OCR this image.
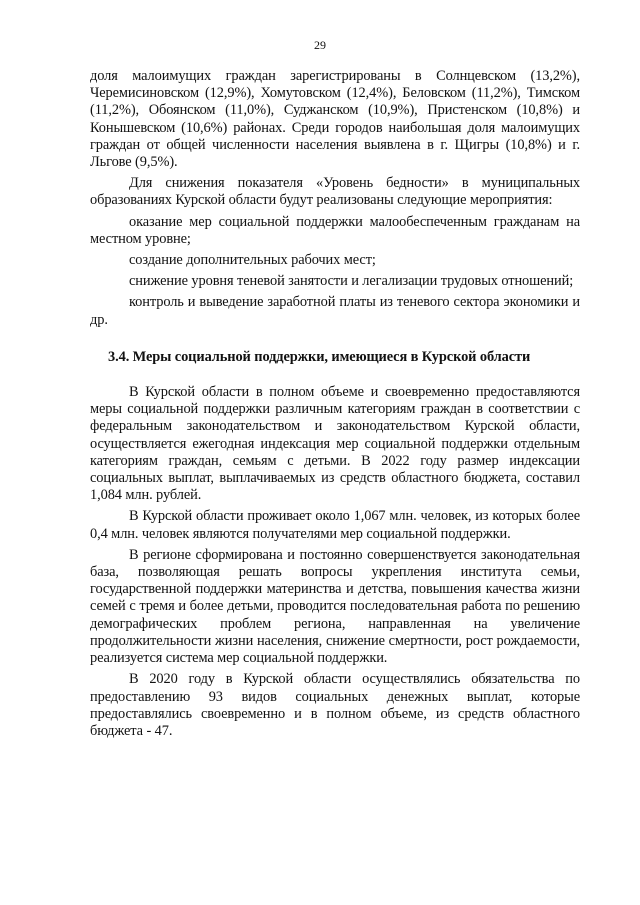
29

доля малоимущих граждан зарегистрированы в Солнцевском (13,2%), Черемисиновском (12,9%), Хомутовском (12,4%), Беловском (11,2%), Тимском (11,2%), Обоянском (11,0%), Суджанском (10,9%), Пристенском (10,8%) и Конышевском (10,6%) районах. Среди городов наибольшая доля малоимущих граждан от общей численности населения выявлена в г. Щигры (10,8%) и г. Льгове (9,5%).

Для снижения показателя «Уровень бедности» в муниципальных образованиях Курской области будут реализованы следующие мероприятия:

оказание мер социальной поддержки малообеспеченным гражданам на местном уровне;

создание дополнительных рабочих мест;

снижение уровня теневой занятости и легализации трудовых отношений;

контроль и выведение заработной платы из теневого сектора экономики и др.

3.4. Меры социальной поддержки, имеющиеся в Курской области

В Курской области в полном объеме и своевременно предоставляются меры социальной поддержки различным категориям граждан в соответствии с федеральным законодательством и законодательством Курской области, осуществляется ежегодная индексация мер социальной поддержки отдельным категориям граждан, семьям с детьми. В 2022 году размер индексации социальных выплат, выплачиваемых из средств областного бюджета, составил 1,084 млн. рублей.

В Курской области проживает около 1,067 млн. человек, из которых более 0,4 млн. человек являются получателями мер социальной поддержки.

В регионе сформирована и постоянно совершенствуется законодательная база, позволяющая решать вопросы укрепления института семьи, государственной поддержки материнства и детства, повышения качества жизни семей с тремя и более детьми, проводится последовательная работа по решению демографических проблем региона, направленная на увеличение продолжительности жизни населения, снижение смертности, рост рождаемости, реализуется система мер социальной поддержки.

В 2020 году в Курской области осуществлялись обязательства по предоставлению 93 видов социальных денежных выплат, которые предоставлялись своевременно и в полном объеме, из средств областного бюджета - 47.
